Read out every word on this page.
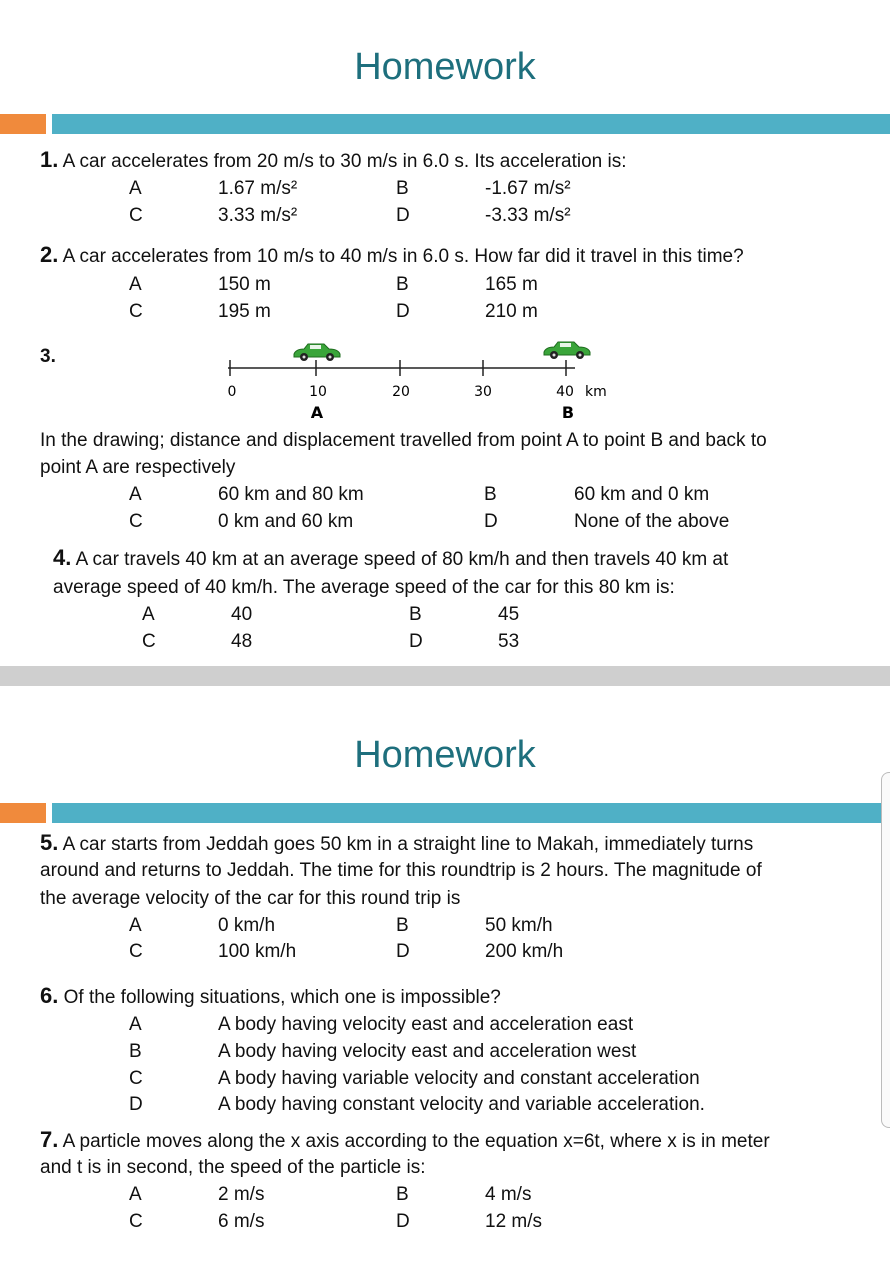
Homework
1. A car accelerates from 20 m/s to 30 m/s in 6.0 s. Its acceleration is:
A	1.67 m/s²	B	-1.67 m/s²
C	3.33 m/s²	D	-3.33 m/s²
2. A car accelerates from 10 m/s to 40 m/s in 6.0 s. How far did it travel in this time?
A	150 m	B	165 m
C	195 m	D	210 m
3.
0	10	20	30	40 km
A	B
In the drawing; distance and displacement travelled from point A to point B and back to
point A are respectively
A	60 km and 80 km	B	60 km and 0 km
C	0 km and 60 km	D	None of the above
4. A car travels 40 km at an average speed of 80 km/h and then travels 40 km at
average speed of 40 km/h. The average speed of the car for this 80 km is:
A	40	B	45
C	48	D	53
Homework
5. A car starts from Jeddah goes 50 km in a straight line to Makah, immediately turns
around and returns to Jeddah. The time for this roundtrip is 2 hours. The magnitude of
the average velocity of the car for this round trip is
A	0 km/h	B	50 km/h
C	100 km/h	D	200 km/h
6. Of the following situations, which one is impossible?
A	A body having velocity east and acceleration east
B	A body having velocity east and acceleration west
C	A body having variable velocity and constant acceleration
D	A body having constant velocity and variable acceleration.
7. A particle moves along the x axis according to the equation x=6t, where x is in meter
and t is in second, the speed of the particle is:
A	2 m/s	B	4 m/s
C	6 m/s	D	12 m/s
